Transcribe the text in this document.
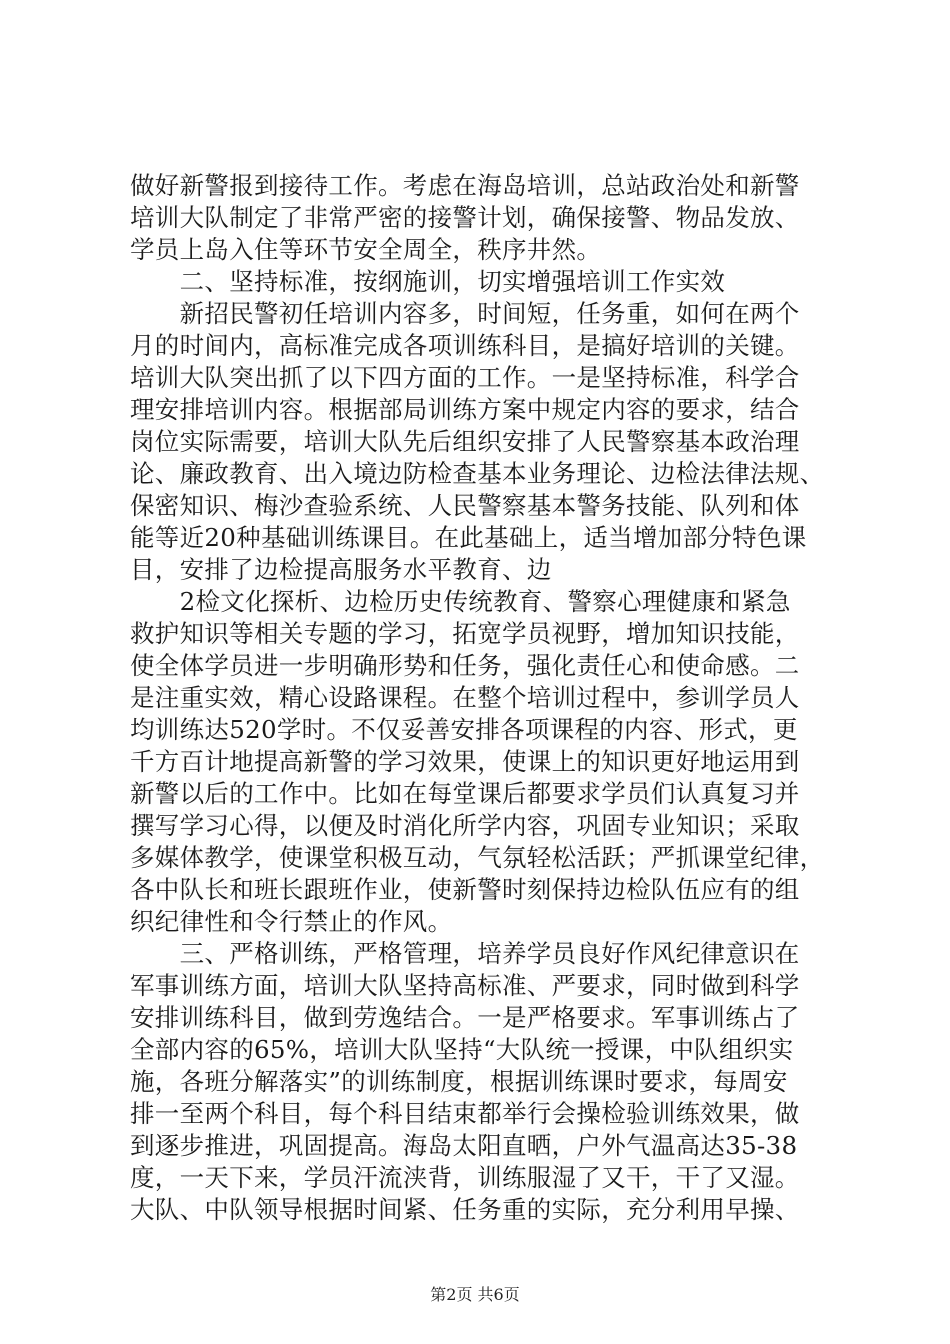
做好新警报到接待工作。考虑在海岛培训，总站政治处和新警
培训大队制定了非常严密的接警计划，确保接警、物品发放、
学员上岛入住等环节安全周全，秩序井然。
　　二、坚持标准，按纲施训，切实增强培训工作实效
　　新招民警初任培训内容多，时间短，任务重，如何在两个
月的时间内，高标准完成各项训练科目，是搞好培训的关键。
培训大队突出抓了以下四方面的工作。一是坚持标准，科学合
理安排培训内容。根据部局训练方案中规定内容的要求，结合
岗位实际需要，培训大队先后组织安排了人民警察基本政治理
论、廉政教育、出入境边防检查基本业务理论、边检法律法规、
保密知识、梅沙查验系统、人民警察基本警务技能、队列和体
能等近20种基础训练课目。在此基础上，适当增加部分特色课
目，安排了边检提高服务水平教育、边
　　2检文化探析、边检历史传统教育、警察心理健康和紧急
救护知识等相关专题的学习，拓宽学员视野，增加知识技能，
使全体学员进一步明确形势和任务，强化责任心和使命感。二
是注重实效，精心设路课程。在整个培训过程中，参训学员人
均训练达520学时。不仅妥善安排各项课程的内容、形式，更
千方百计地提高新警的学习效果，使课上的知识更好地运用到
新警以后的工作中。比如在每堂课后都要求学员们认真复习并
撰写学习心得，以便及时消化所学内容，巩固专业知识；采取
多媒体教学，使课堂积极互动，气氛轻松活跃；严抓课堂纪律，
各中队长和班长跟班作业，使新警时刻保持边检队伍应有的组
织纪律性和令行禁止的作风。
　　三、严格训练，严格管理，培养学员良好作风纪律意识在
军事训练方面，培训大队坚持高标准、严要求，同时做到科学
安排训练科目，做到劳逸结合。一是严格要求。军事训练占了
全部内容的65%，培训大队坚持“大队统一授课，中队组织实
施，各班分解落实”的训练制度，根据训练课时要求，每周安
排一至两个科目，每个科目结束都举行会操检验训练效果，做
到逐步推进，巩固提高。海岛太阳直晒，户外气温高达35-38
度，一天下来，学员汗流浃背，训练服湿了又干，干了又湿。
大队、中队领导根据时间紧、任务重的实际，充分利用早操、
第2页 共6页
